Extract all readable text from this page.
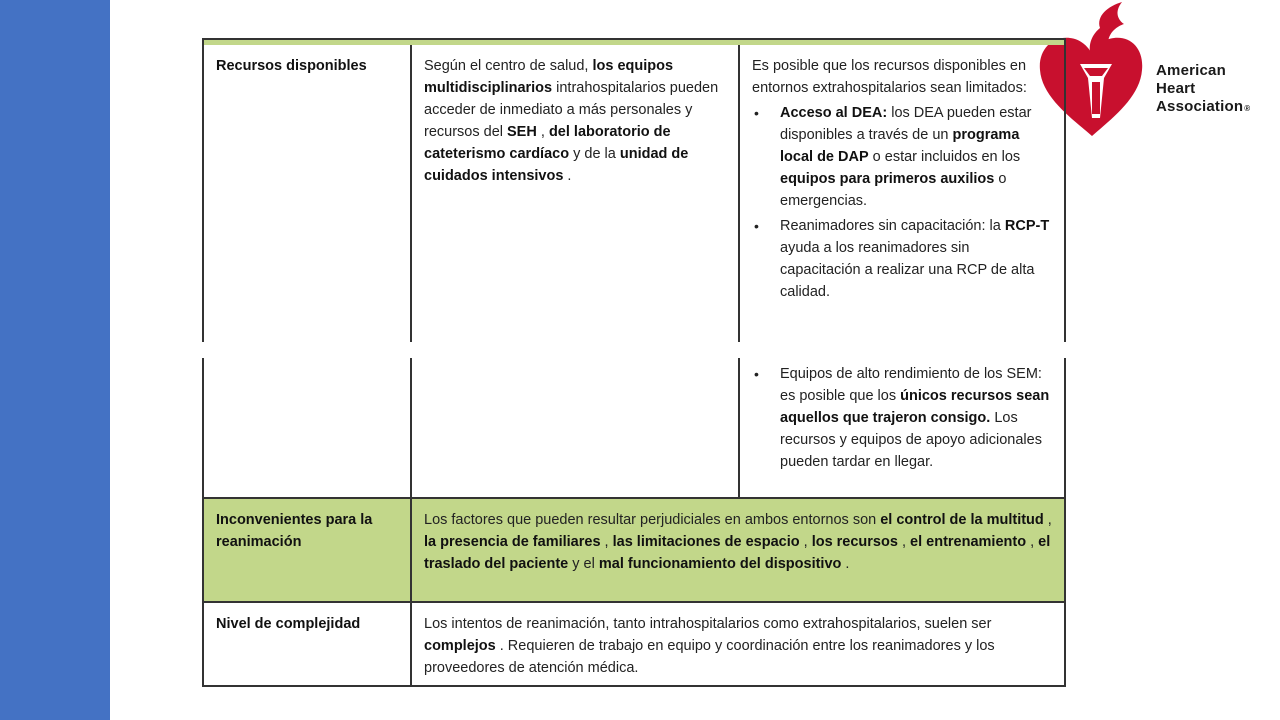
American
Heart
Association®
Recursos disponibles	Según el centro de salud, los equipos multidisciplinarios intrahospitalarios pueden acceder de inmediato a más personales y recursos del SEH , del laboratorio de cateterismo cardíaco y de la unidad de cuidados intensivos .
Es posible que los recursos disponibles en entornos extrahospitalarios sean limitados:
• Acceso al DEA: los DEA pueden estar disponibles a través de un programa local de DAP o estar incluidos en los equipos para primeros auxilios o emergencias.
• Reanimadores sin capacitación: la RCP-T ayuda a los reanimadores sin capacitación a realizar una RCP de alta calidad.
• Equipos de alto rendimiento de los SEM: es posible que los únicos recursos sean aquellos que trajeron consigo. Los recursos y equipos de apoyo adicionales pueden tardar en llegar.
Inconvenientes para la reanimación
Los factores que pueden resultar perjudiciales en ambos entornos son el control de la multitud , la presencia de familiares , las limitaciones de espacio , los recursos , el entrenamiento , el traslado del paciente y el mal funcionamiento del dispositivo .
Nivel de complejidad	Los intentos de reanimación, tanto intrahospitalarios como extrahospitalarios, suelen ser complejos . Requieren de trabajo en equipo y coordinación entre los reanimadores y los proveedores de atención médica.
